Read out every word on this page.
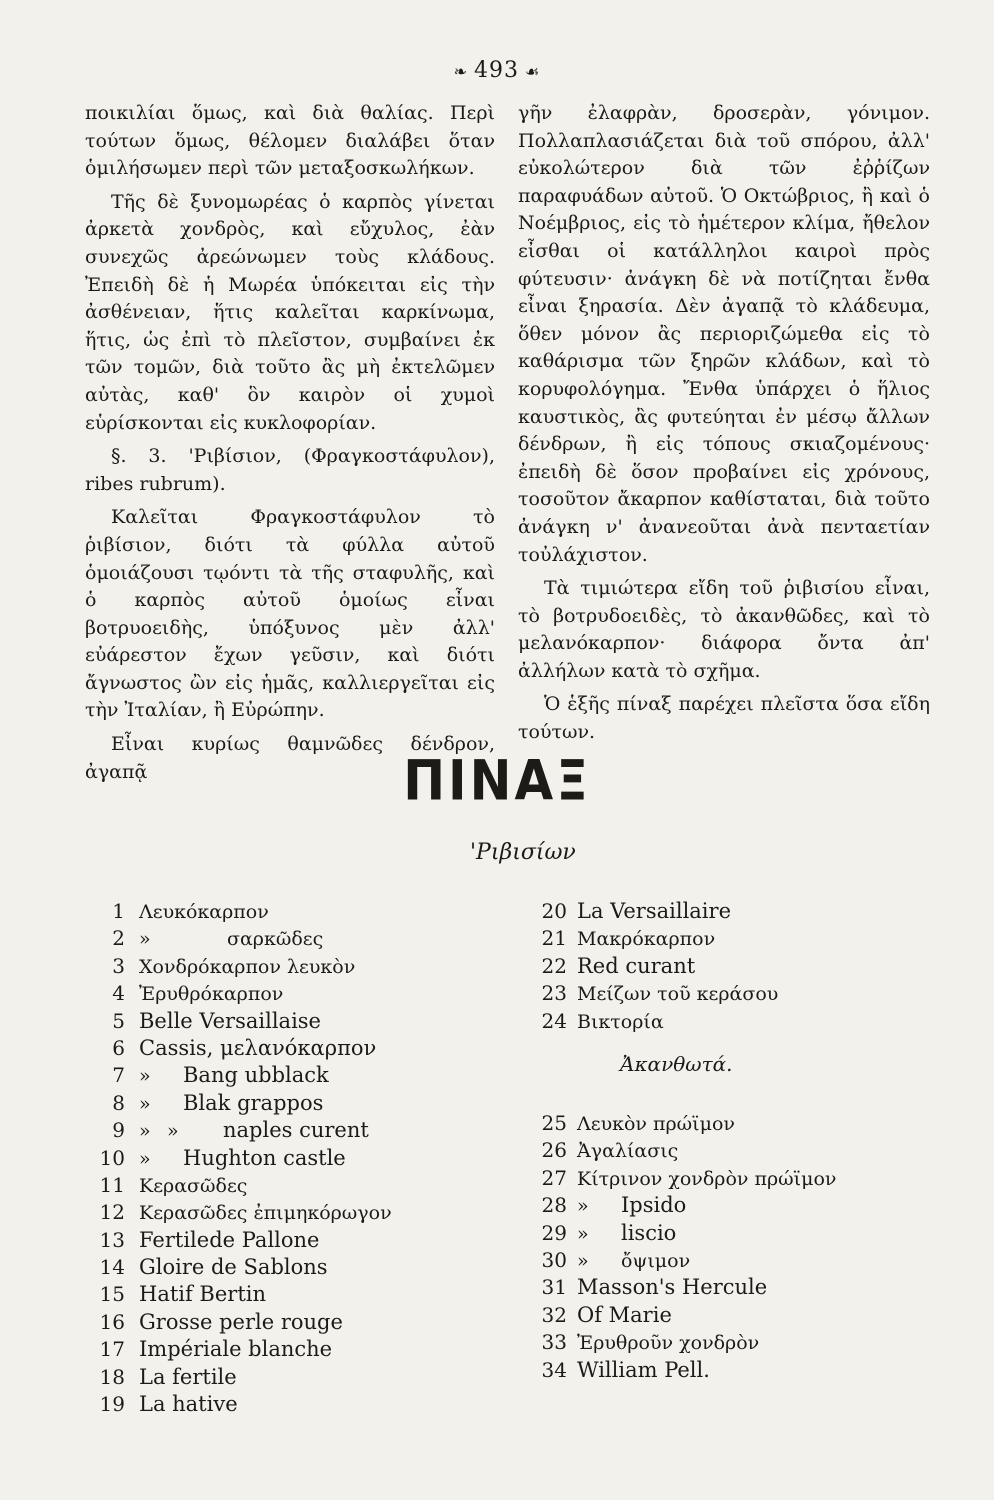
❧ 493 ☙

ποικιλίαι ὅμως, καὶ διὰ θαλίας. Περὶ τούτων ὅμως, θέλομεν διαλάβει ὅταν ὁμιλήσωμεν περὶ τῶν μεταξοσκωλήκων.

Τῆς δὲ ξυνομωρέας ὁ καρπὸς γίνεται ἀρκετὰ χονδρὸς, καὶ εὔχυλος, ἐὰν συνεχῶς ἀρεώνωμεν τοὺς κλάδους. Ἐπειδὴ δὲ ἡ Μωρέα ὑπόκειται εἰς τὴν ἀσθένειαν, ἥτις καλεῖται καρκίνωμα, ἥτις, ὡς ἐπὶ τὸ πλεῖστον, συμβαίνει ἐκ τῶν τομῶν, διὰ τοῦτο ἂς μὴ ἐκτελῶμεν αὐτὰς, καθ' ὃν καιρὸν οἱ χυμοὶ εὑρίσκονται εἰς κυκλοφορίαν.

§. 3. 'Ριβίσιον, (Φραγκοστάφυλον), ribes rubrum).

Καλεῖται Φραγκοστάφυλον τὸ ῥιβίσιον, διότι τὰ φύλλα αὐτοῦ ὁμοιάζουσι τῳόντι τὰ τῆς σταφυλῆς, καὶ ὁ καρπὸς αὐτοῦ ὁμοίως εἶναι βοτρυοειδὴς, ὑπόξυνος μὲν ἀλλ' εὐάρεστον ἔχων γεῦσιν, καὶ διότι ἄγνωστος ὢν εἰς ἡμᾶς, καλλιεργεῖται εἰς τὴν Ἰταλίαν, ἢ Εὐρώπην.

Εἶναι κυρίως θαμνῶδες δένδρον, ἀγαπᾷ

γῆν ἐλαφρὰν, δροσερὰν, γόνιμον. Πολλαπλασιάζεται διὰ τοῦ σπόρου, ἀλλ' εὐκολώτερον διὰ τῶν ἐῤῥίζων παραφυάδων αὐτοῦ. Ὁ Οκτώβριος, ἢ καὶ ὁ Νοέμβριος, εἰς τὸ ἡμέτερον κλίμα, ἤθελον εἶσθαι οἱ κατάλληλοι καιροὶ πρὸς φύτευσιν· ἀνάγκη δὲ νὰ ποτίζηται ἔνθα εἶναι ξηρασία. Δὲν ἀγαπᾷ τὸ κλάδευμα, ὅθεν μόνον ἂς περιοριζώμεθα εἰς τὸ καθάρισμα τῶν ξηρῶν κλάδων, καὶ τὸ κορυφολόγημα. Ἔνθα ὑπάρχει ὁ ἥλιος καυστικὸς, ἂς φυτεύηται ἐν μέσῳ ἄλλων δένδρων, ἢ εἰς τόπους σκιαζομένους· ἐπειδὴ δὲ ὅσον προβαίνει εἰς χρόνους, τοσοῦτον ἄκαρπον καθίσταται, διὰ τοῦτο ἀνάγκη ν' ἀνανεοῦται ἀνὰ πενταετίαν τοὐλάχιστον.

Τὰ τιμιώτερα εἴδη τοῦ ῥιβισίου εἶναι, τὸ βοτρυδοειδὲς, τὸ ἀκανθῶδες, καὶ τὸ μελανόκαρπον· διάφορα ὄντα ἀπ' ἀλλήλων κατὰ τὸ σχῆμα.

Ὁ ἑξῆς πίναξ παρέχει πλεῖστα ὅσα εἴδη τούτων.

ΠΙΝΑΞ
'Ριβισίων
1 Λευκόκαρπον
2 »	σαρκῶδες
3 Χονδρόκαρπον λευκὸν
4 Ἐρυθρόκαρπον
5 Belle Versaillaise
6 Cassis, μελανόκαρπον
7 » Bang ubblack
8 » Blak grappos
9 » » naples curent
10 » Hughton castle
11 Κερασῶδες
12 Κερασῶδες ἐπιμηκόρωγον
13 Fertilede Pallone
14 Gloire de Sablons
15 Hatif Bertin
16 Grosse perle rouge
17 Impériale blanche
18 La fertile
19 La hative
20 La Versaillaire
21 Μακρόκαρπον
22 Red curant
23 Μείζων τοῦ κεράσου
24 Βικτορία
Ἀκανθωτά.
25 Λευκὸν πρώϊμον
26 Ἀγαλίασις
27 Κίτρινον χονδρὸν πρώϊμον
28 » Ipsido
29 » liscio
30 » ὄψιμον
31 Masson's Hercule
32 Of Marie
33 Ἐρυθροῦν χονδρὸν
34 William Pell.
